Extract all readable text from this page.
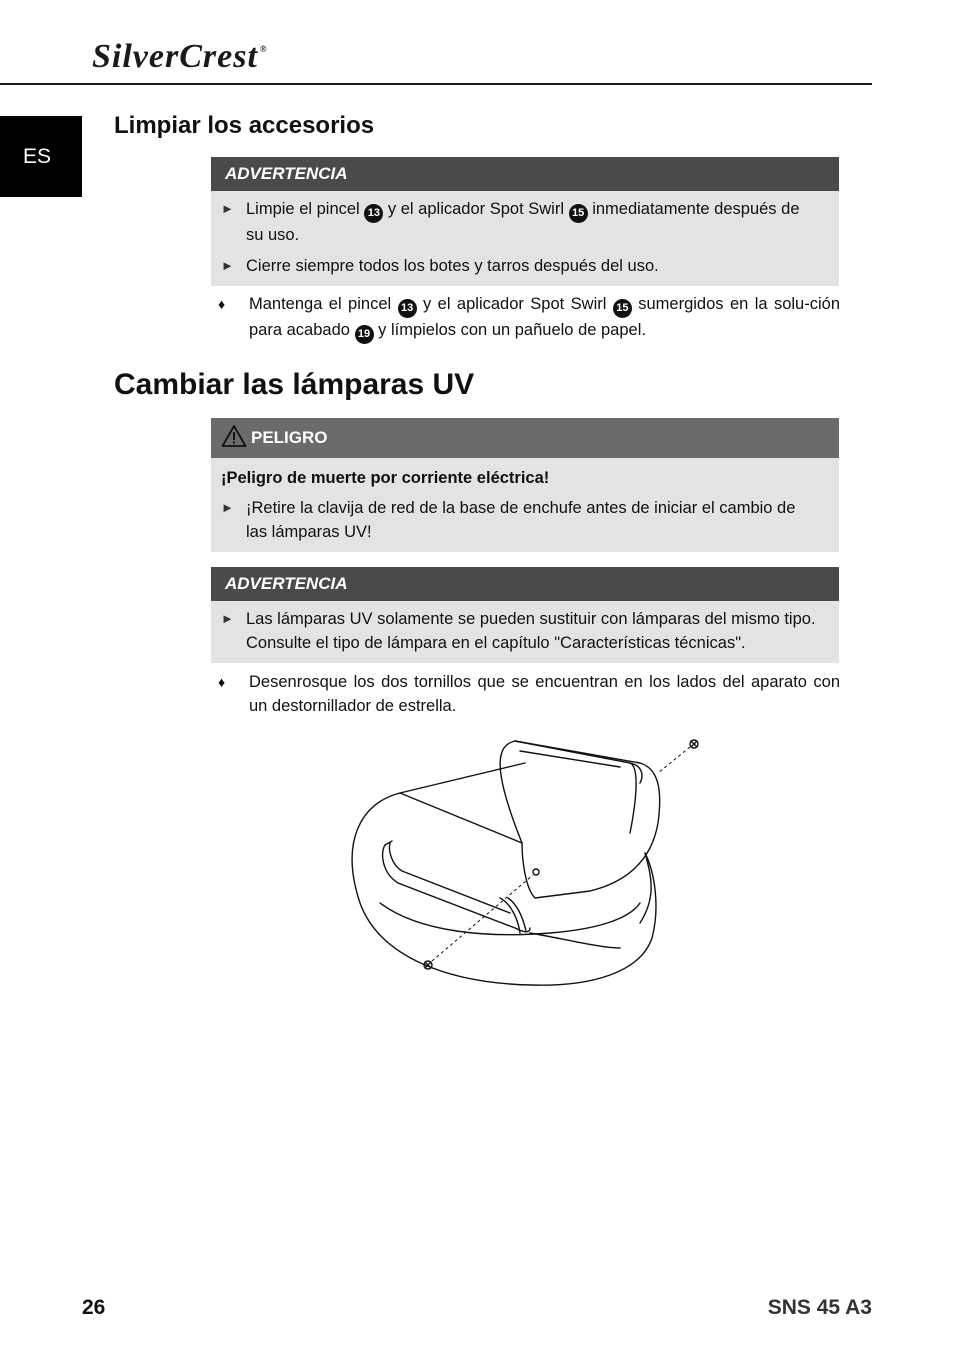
SilverCrest ®
ES
Limpiar los accesorios
ADVERTENCIA
► Limpie el pincel 13 y el aplicador Spot Swirl 15 inmediatamente después de su uso.
► Cierre siempre todos los botes y tarros después del uso.
♦ Mantenga el pincel 13 y el aplicador Spot Swirl 15 sumergidos en la solu-ción para acabado 19 y límpielos con un pañuelo de papel.
Cambiar las lámparas UV
PELIGRO
¡Peligro de muerte por corriente eléctrica!
► ¡Retire la clavija de red de la base de enchufe antes de iniciar el cambio de las lámparas UV!
ADVERTENCIA
► Las lámparas UV solamente se pueden sustituir con lámparas del mismo tipo. Consulte el tipo de lámpara en el capítulo "Características técnicas".
♦ Desenrosque los dos tornillos que se encuentran en los lados del aparato con un destornillador de estrella.
26	SNS 45 A3
